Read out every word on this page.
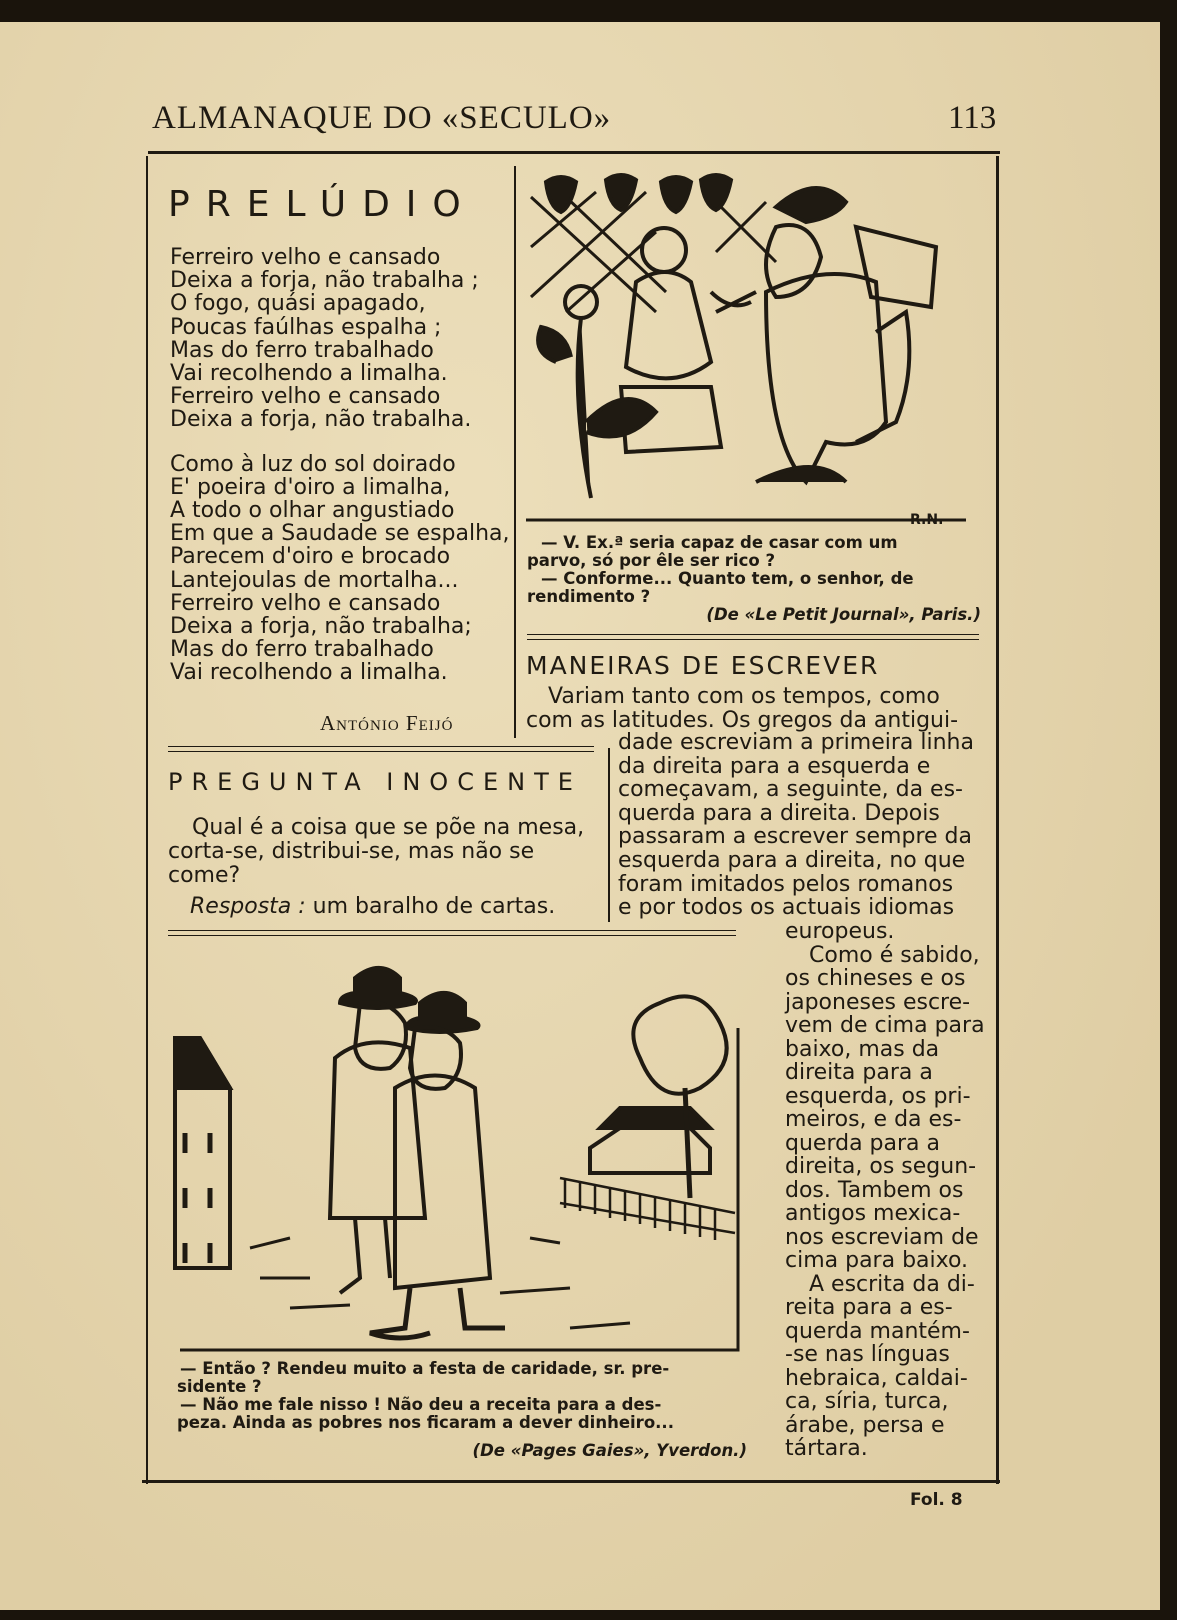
ALMANAQUE DO «SECULO»	113
PRELÚDIO
Ferreiro velho e cansado
Deixa a forja, não trabalha ;
O fogo, quási apagado,
Poucas faúlhas espalha ;
Mas do ferro trabalhado
Vai recolhendo a limalha.
Ferreiro velho e cansado
Deixa a forja, não trabalha.
Como à luz do sol doirado
E' poeira d'oiro a limalha,
A todo o olhar angustiado
Em que a Saudade se espalha,
Parecem d'oiro e brocado
Lantejoulas de mortalha...
Ferreiro velho e cansado
Deixa a forja, não trabalha;
Mas do ferro trabalhado
Vai recolhendo a limalha.
António Feijó
R.N.
— V. Ex.ª seria capaz de casar com um
parvo, só por êle ser rico ?
— Conforme... Quanto tem, o senhor, de
rendimento ?
(De «Le Petit Journal», Paris.)
MANEIRAS DE ESCREVER
Variam tanto com os tempos, como
com as latitudes. Os gregos da antigui-
dade escreviam a primeira linha
da direita para a esquerda e
começavam, a seguinte, da es-
querda para a direita. Depois
passaram a escrever sempre da
esquerda para a direita, no que
foram imitados pelos romanos
e por todos os actuais idiomas
europeus.
Como é sabido,
os chineses e os
japoneses escre-
vem de cima para
baixo, mas da
direita para a
esquerda, os pri-
meiros, e da es-
querda para a
direita, os segun-
dos. Tambem os
antigos mexica-
nos escreviam de
cima para baixo.
A escrita da di-
reita para a es-
querda mantém-
-se nas línguas
hebraica, caldai-
ca, síria, turca,
árabe, persa e
tártara.
PREGUNTA INOCENTE
Qual é a coisa que se põe na mesa,
corta-se, distribui-se, mas não se
come?
Resposta : um baralho de cartas.
— Então ? Rendeu muito a festa de caridade, sr. pre-
sidente ?
— Não me fale nisso ! Não deu a receita para a des-
peza. Ainda as pobres nos ficaram a dever dinheiro...
(De «Pages Gaies», Yverdon.)
Fol. 8
